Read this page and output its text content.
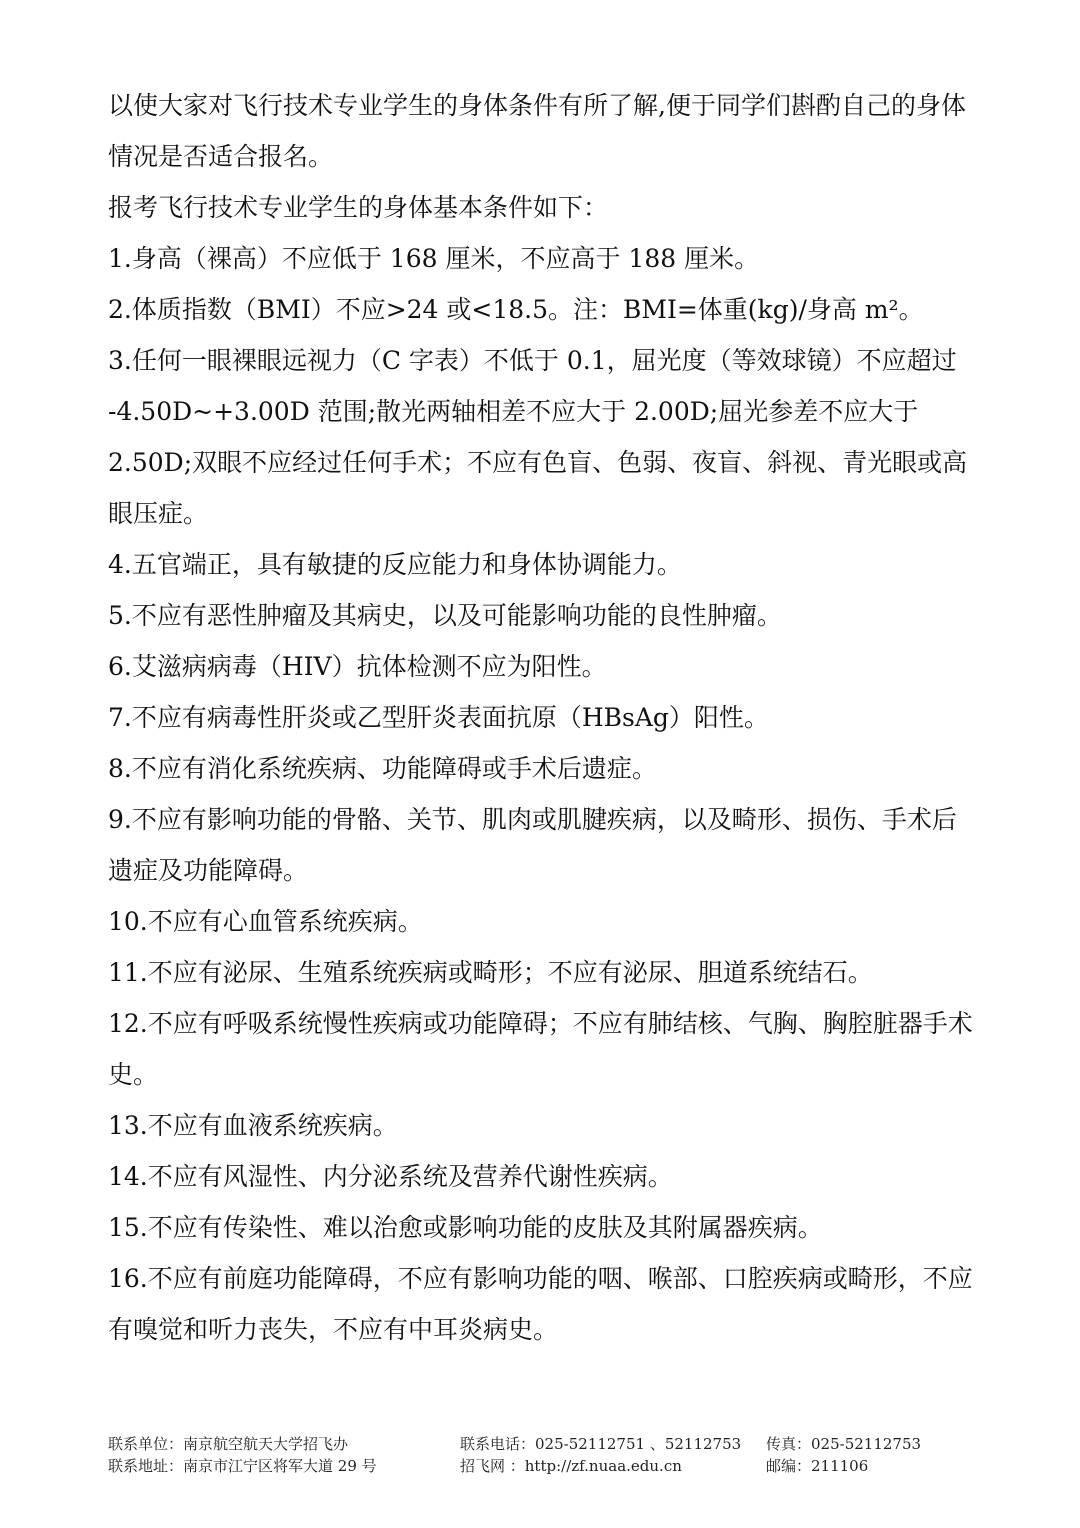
以使大家对飞行技术专业学生的身体条件有所了解,便于同学们斟酌自己的身体情况是否适合报名。

报考飞行技术专业学生的身体基本条件如下：

1.身高（裸高）不应低于 168 厘米，不应高于 188 厘米。

2.体质指数（BMI）不应>24 或<18.5。注：BMI=体重(kg)/身高 m²。

3.任何一眼裸眼远视力（C 字表）不低于 0.1，屈光度（等效球镜）不应超过 -4.50D~+3.00D 范围;散光两轴相差不应大于 2.00D;屈光参差不应大于 2.50D;双眼不应经过任何手术；不应有色盲、色弱、夜盲、斜视、青光眼或高眼压症。

4.五官端正，具有敏捷的反应能力和身体协调能力。

5.不应有恶性肿瘤及其病史，以及可能影响功能的良性肿瘤。

6.艾滋病病毒（HIV）抗体检测不应为阳性。

7.不应有病毒性肝炎或乙型肝炎表面抗原（HBsAg）阳性。

8.不应有消化系统疾病、功能障碍或手术后遗症。

9.不应有影响功能的骨骼、关节、肌肉或肌腱疾病，以及畸形、损伤、手术后遗症及功能障碍。

10.不应有心血管系统疾病。

11.不应有泌尿、生殖系统疾病或畸形；不应有泌尿、胆道系统结石。

12.不应有呼吸系统慢性疾病或功能障碍；不应有肺结核、气胸、胸腔脏器手术史。

13.不应有血液系统疾病。

14.不应有风湿性、内分泌系统及营养代谢性疾病。

15.不应有传染性、难以治愈或影响功能的皮肤及其附属器疾病。

16.不应有前庭功能障碍，不应有影响功能的咽、喉部、口腔疾病或畸形，不应有嗅觉和听力丧失，不应有中耳炎病史。

联系单位：南京航空航天大学招飞办	联系电话：025-52112751 、52112753 传真：025-52112753
联系地址：南京市江宁区将军大道 29 号	招飞网 ：http://zf.nuaa.edu.cn	邮编：211106
